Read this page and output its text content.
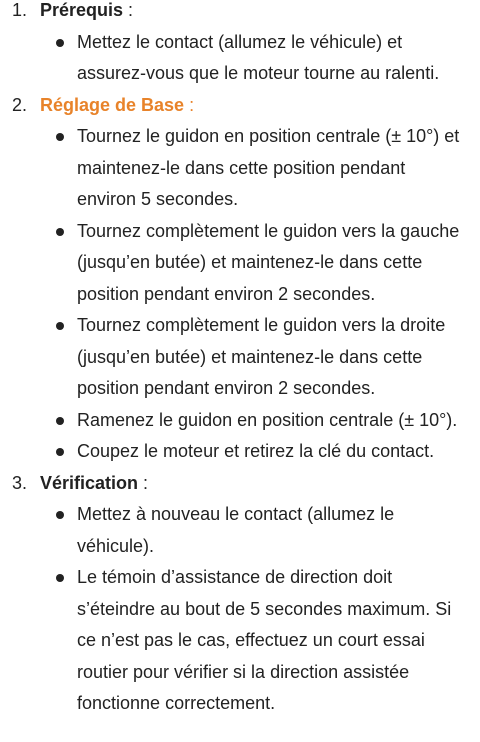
1. Prérequis :
Mettez le contact (allumez le véhicule) et assurez-vous que le moteur tourne au ralenti.
2. Réglage de Base :
Tournez le guidon en position centrale (± 10°) et maintenez-le dans cette position pendant environ 5 secondes.
Tournez complètement le guidon vers la gauche (jusqu’en butée) et maintenez-le dans cette position pendant environ 2 secondes.
Tournez complètement le guidon vers la droite (jusqu’en butée) et maintenez-le dans cette position pendant environ 2 secondes.
Ramenez le guidon en position centrale (± 10°).
Coupez le moteur et retirez la clé du contact.
3. Vérification :
Mettez à nouveau le contact (allumez le véhicule).
Le témoin d’assistance de direction doit s’éteindre au bout de 5 secondes maximum. Si ce n’est pas le cas, effectuez un court essai routier pour vérifier si la direction assistée fonctionne correctement.
